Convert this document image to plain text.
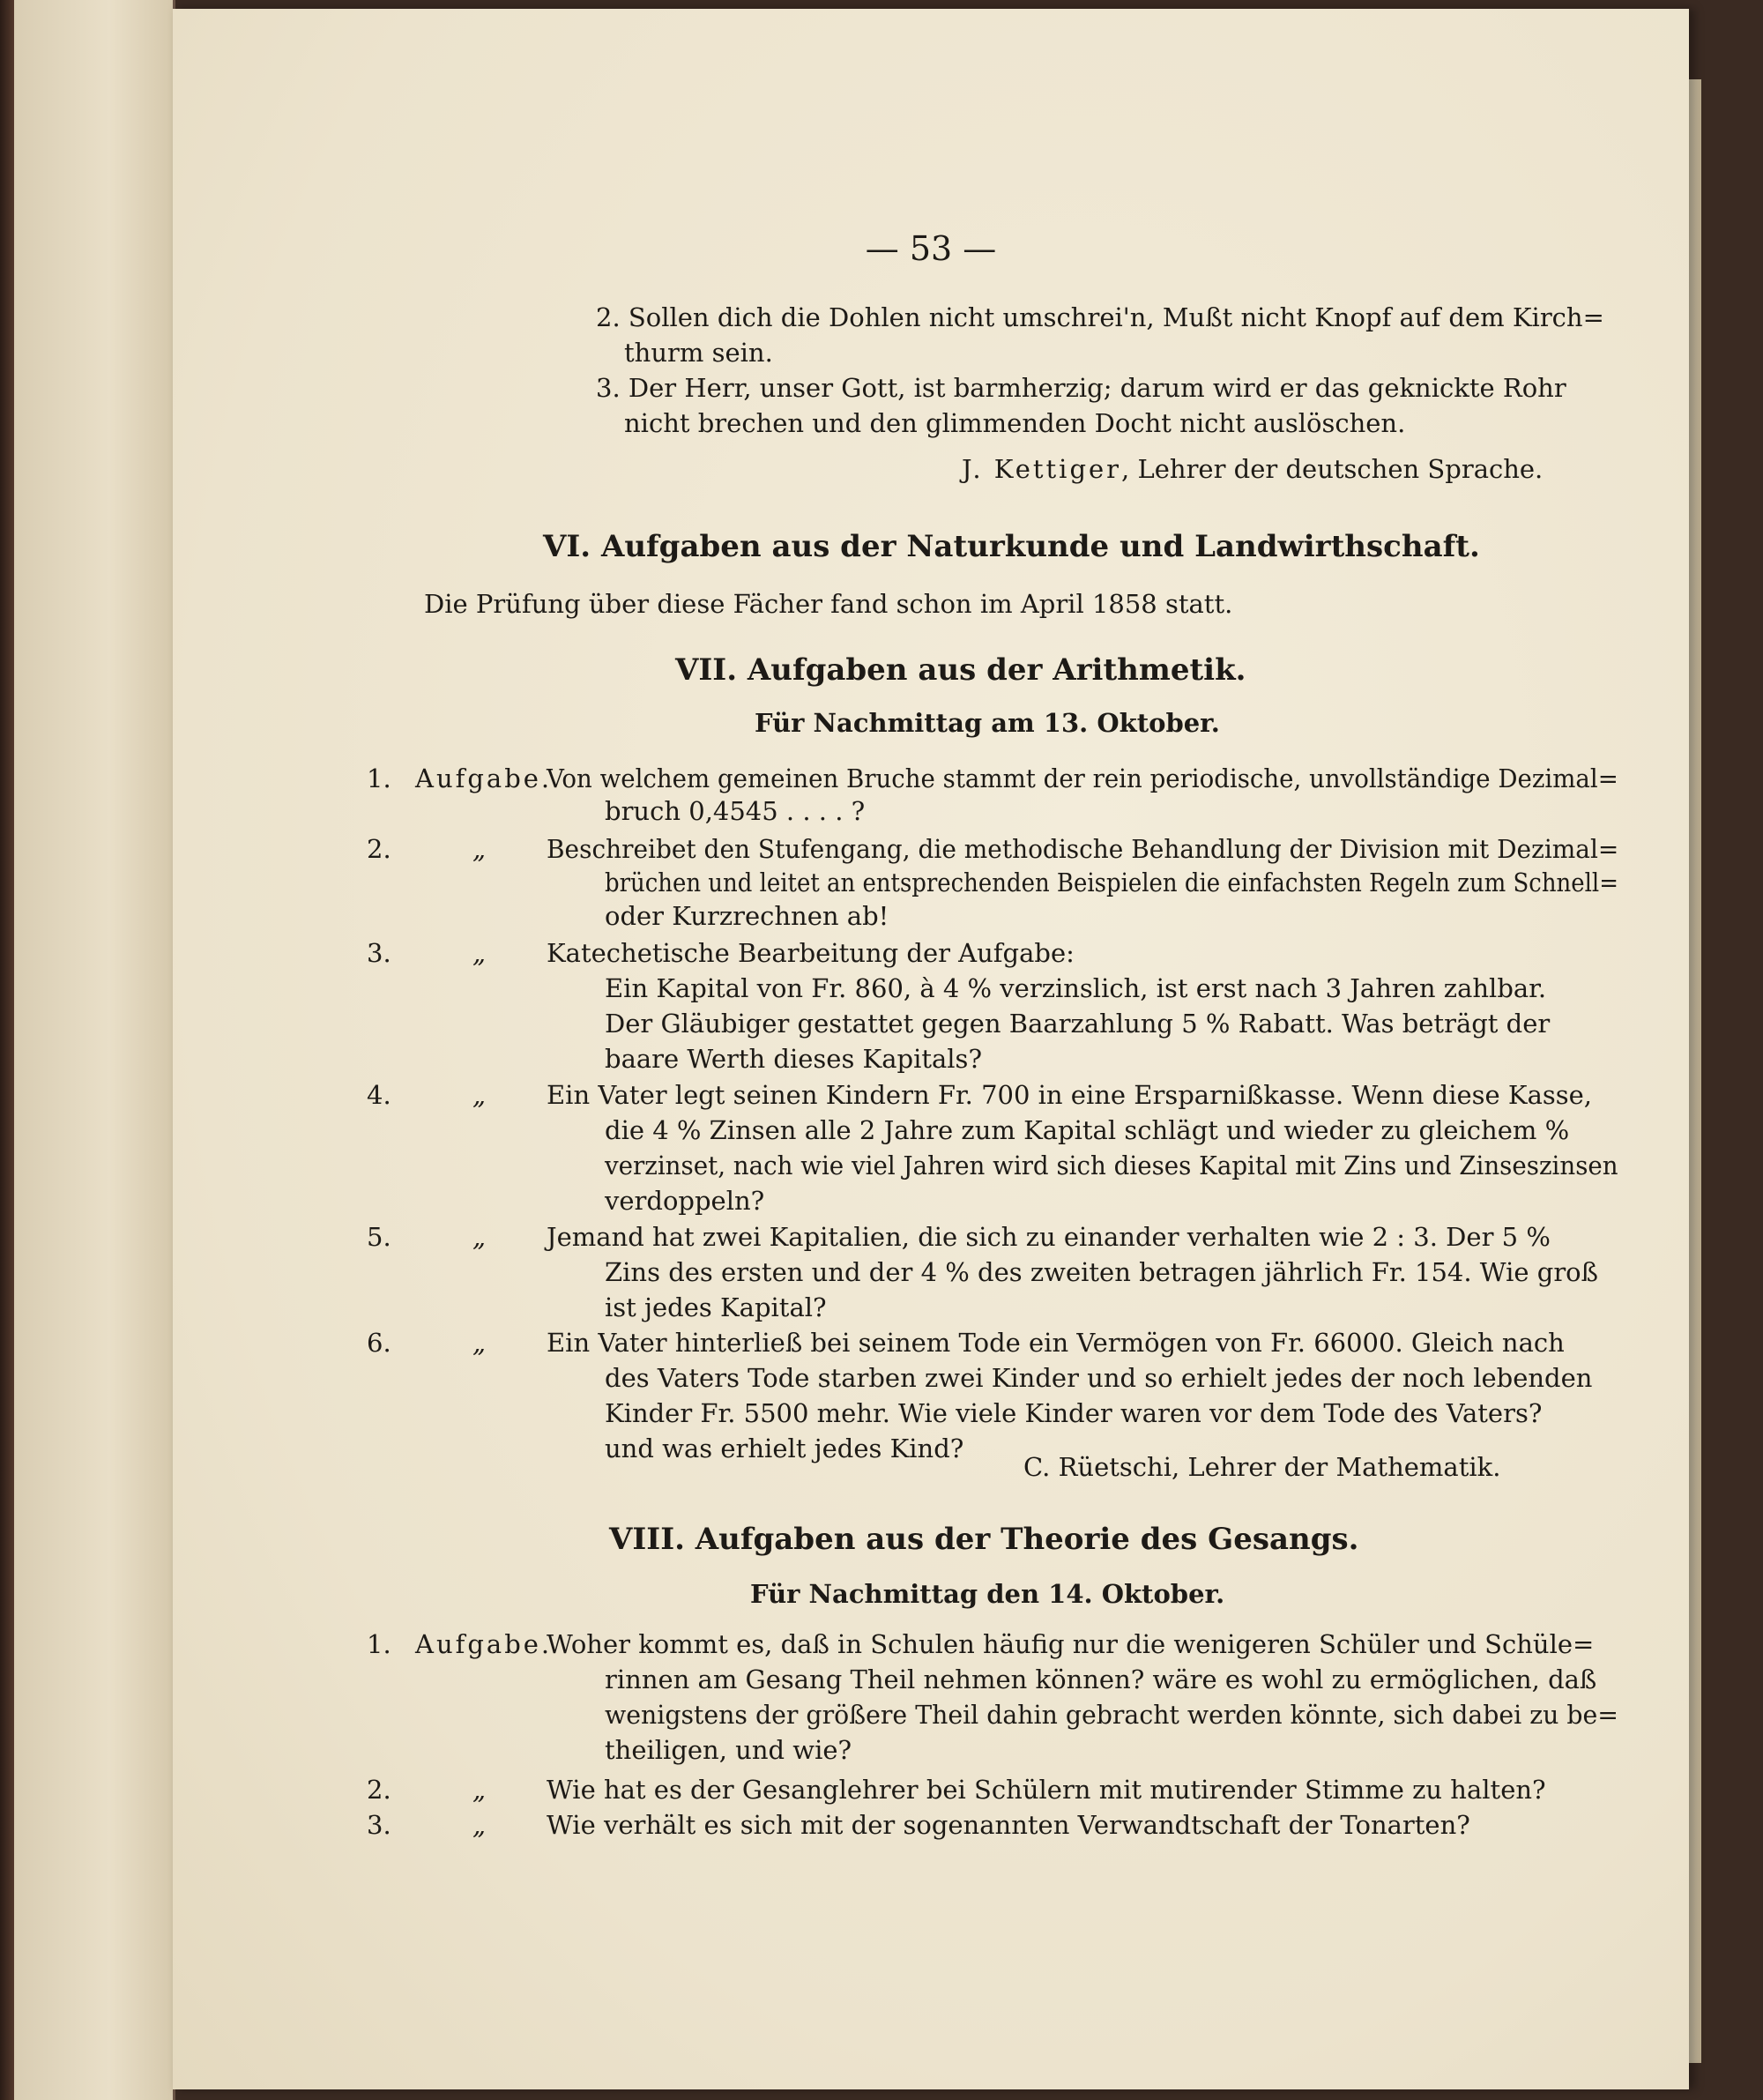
— 53 —
2. Sollen dich die Dohlen nicht umschrei'n, Mußt nicht Knopf auf dem Kirch=
thurm sein.
3. Der Herr, unser Gott, ist barmherzig; darum wird er das geknickte Rohr
nicht brechen und den glimmenden Docht nicht auslöschen.
J. Kettiger, Lehrer der deutschen Sprache.
VI. Aufgaben aus der Naturkunde und Landwirthschaft.
Die Prüfung über diese Fächer fand schon im April 1858 statt.
VII. Aufgaben aus der Arithmetik.
Für Nachmittag am 13. Oktober.
1. Aufgabe.
Von welchem gemeinen Bruche stammt der rein periodische, unvollständige Dezimal=
bruch 0,4545 . . . . ?
2.	„ Beschreibet den Stufengang, die methodische Behandlung der Division mit Dezimal=
brüchen und leitet an entsprechenden Beispielen die einfachsten Regeln zum Schnell=
oder Kurzrechnen ab!
3.	„ Katechetische Bearbeitung der Aufgabe:
Ein Kapital von Fr. 860, à 4 % verzinslich, ist erst nach 3 Jahren zahlbar.
Der Gläubiger gestattet gegen Baarzahlung 5 % Rabatt. Was beträgt der
baare Werth dieses Kapitals?
4.	„ Ein Vater legt seinen Kindern Fr. 700 in eine Ersparnißkasse. Wenn diese Kasse,
die 4 % Zinsen alle 2 Jahre zum Kapital schlägt und wieder zu gleichem %
verzinset, nach wie viel Jahren wird sich dieses Kapital mit Zins und Zinseszinsen
verdoppeln?
5.	„ Jemand hat zwei Kapitalien, die sich zu einander verhalten wie 2 : 3. Der 5 %
Zins des ersten und der 4 % des zweiten betragen jährlich Fr. 154. Wie groß
ist jedes Kapital?
6.	„ Ein Vater hinterließ bei seinem Tode ein Vermögen von Fr. 66000. Gleich nach
des Vaters Tode starben zwei Kinder und so erhielt jedes der noch lebenden
Kinder Fr. 5500 mehr. Wie viele Kinder waren vor dem Tode des Vaters?
und was erhielt jedes Kind?
C. Rüetschi, Lehrer der Mathematik.
VIII. Aufgaben aus der Theorie des Gesangs.
Für Nachmittag den 14. Oktober.
1. Aufgabe.
Woher kommt es, daß in Schulen häufig nur die wenigeren Schüler und Schüle=
rinnen am Gesang Theil nehmen können? wäre es wohl zu ermöglichen, daß
wenigstens der größere Theil dahin gebracht werden könnte, sich dabei zu be=
theiligen, und wie?
2.	„ Wie hat es der Gesanglehrer bei Schülern mit mutirender Stimme zu halten?
3.	„ Wie verhält es sich mit der sogenannten Verwandtschaft der Tonarten?
